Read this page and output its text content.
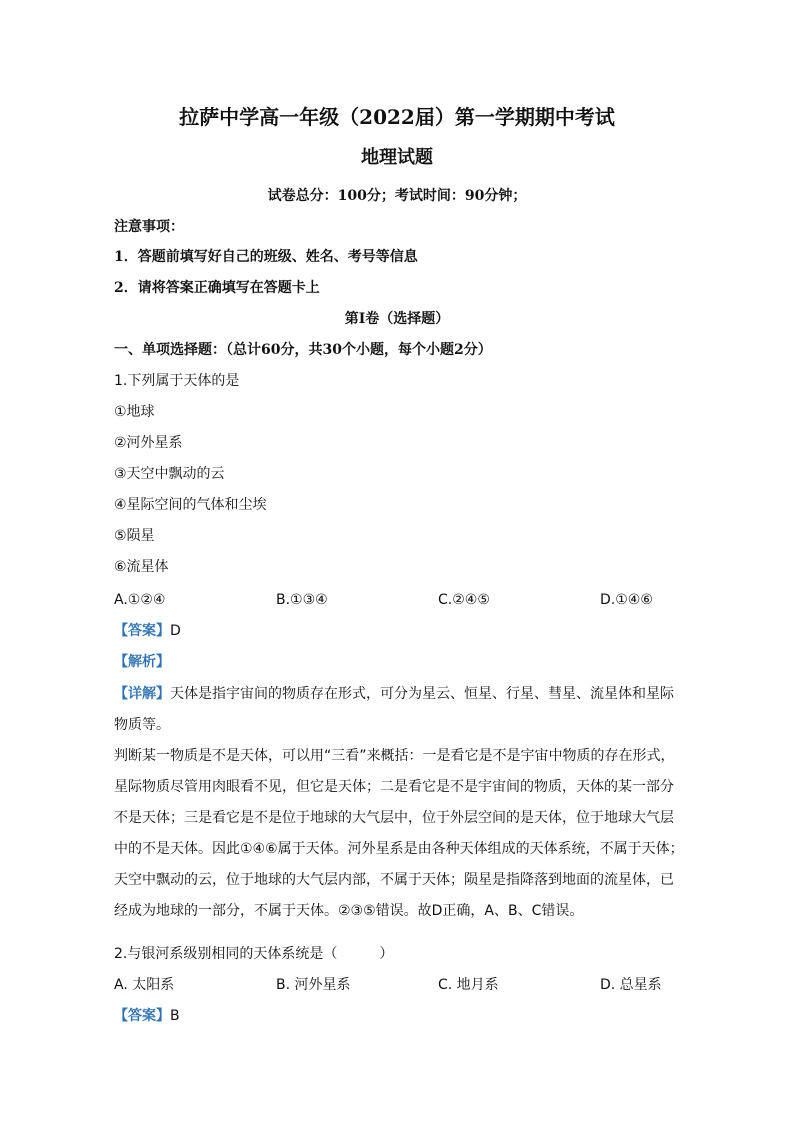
拉萨中学高一年级（2022届）第一学期期中考试
地理试题
试卷总分：100分；考试时间：90分钟；
注意事项：
1．答题前填写好自己的班级、姓名、考号等信息
2．请将答案正确填写在答题卡上
第I卷（选择题）
一、单项选择题：（总计60分，共30个小题，每个小题2分）
1.下列属于天体的是
①地球
②河外星系
③天空中飘动的云
④星际空间的气体和尘埃
⑤陨星
⑥流星体
A.①②④	B.①③④	C.②④⑤	D.①④⑥
【答案】D
【解析】
【详解】天体是指宇宙间的物质存在形式，可分为星云、恒星、行星、彗星、流星体和星际
物质等。
判断某一物质是不是天体，可以用“三看”来概括：一是看它是不是宇宙中物质的存在形式，
星际物质尽管用肉眼看不见，但它是天体；二是看它是不是宇宙间的物质，天体的某一部分
不是天体；三是看它是不是位于地球的大气层中，位于外层空间的是天体，位于地球大气层
中的不是天体。因此①④⑥属于天体。河外星系是由各种天体组成的天体系统，不属于天体；
天空中飘动的云，位于地球的大气层内部，不属于天体；陨星是指降落到地面的流星体，已
经成为地球的一部分，不属于天体。②③⑤错误。故D正确，A、B、C错误。
2.与银河系级别相同的天体系统是（　　　）
A. 太阳系	B. 河外星系	C. 地月系	D. 总星系
【答案】B
